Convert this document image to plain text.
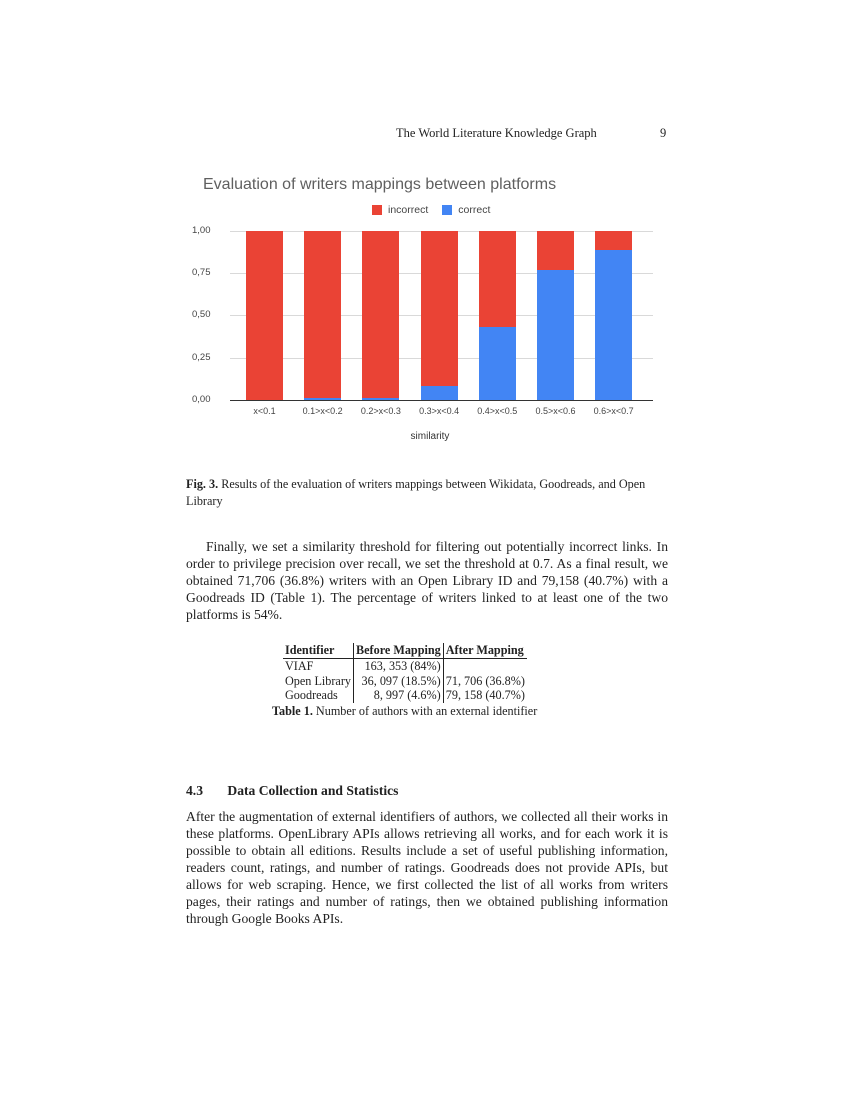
The World Literature Knowledge Graph	9
Evaluation of writers mappings between platforms
incorrect	correct
1,00
0,75
0,50
0,25
0,00
x<0.1	0.1>x<0.2	0.2>x<0.3	0.3>x<0.4	0.4>x<0.5	0.5>x<0.6	0.6>x<0.7
similarity
Fig. 3. Results of the evaluation of writers mappings between Wikidata, Goodreads, and Open Library
Finally, we set a similarity threshold for filtering out potentially incorrect links. In order to privilege precision over recall, we set the threshold at 0.7. As a final result, we obtained 71,706 (36.8%) writers with an Open Library ID and 79,158 (40.7%) with a Goodreads ID (Table 1). The percentage of writers linked to at least one of the two platforms is 54%.
Identifier	Before Mapping	After Mapping
VIAF	163, 353 (84%)	
Open Library	36, 097 (18.5%)	71, 706 (36.8%)
Goodreads	8, 997 (4.6%)	79, 158 (40.7%)
Table 1. Number of authors with an external identifier
4.3 Data Collection and Statistics
After the augmentation of external identifiers of authors, we collected all their works in these platforms. OpenLibrary APIs allows retrieving all works, and for each work it is possible to obtain all editions. Results include a set of useful publishing information, readers count, ratings, and number of ratings. Goodreads does not provide APIs, but allows for web scraping. Hence, we first collected the list of all works from writers pages, their ratings and number of ratings, then we obtained publishing information through Google Books APIs.
